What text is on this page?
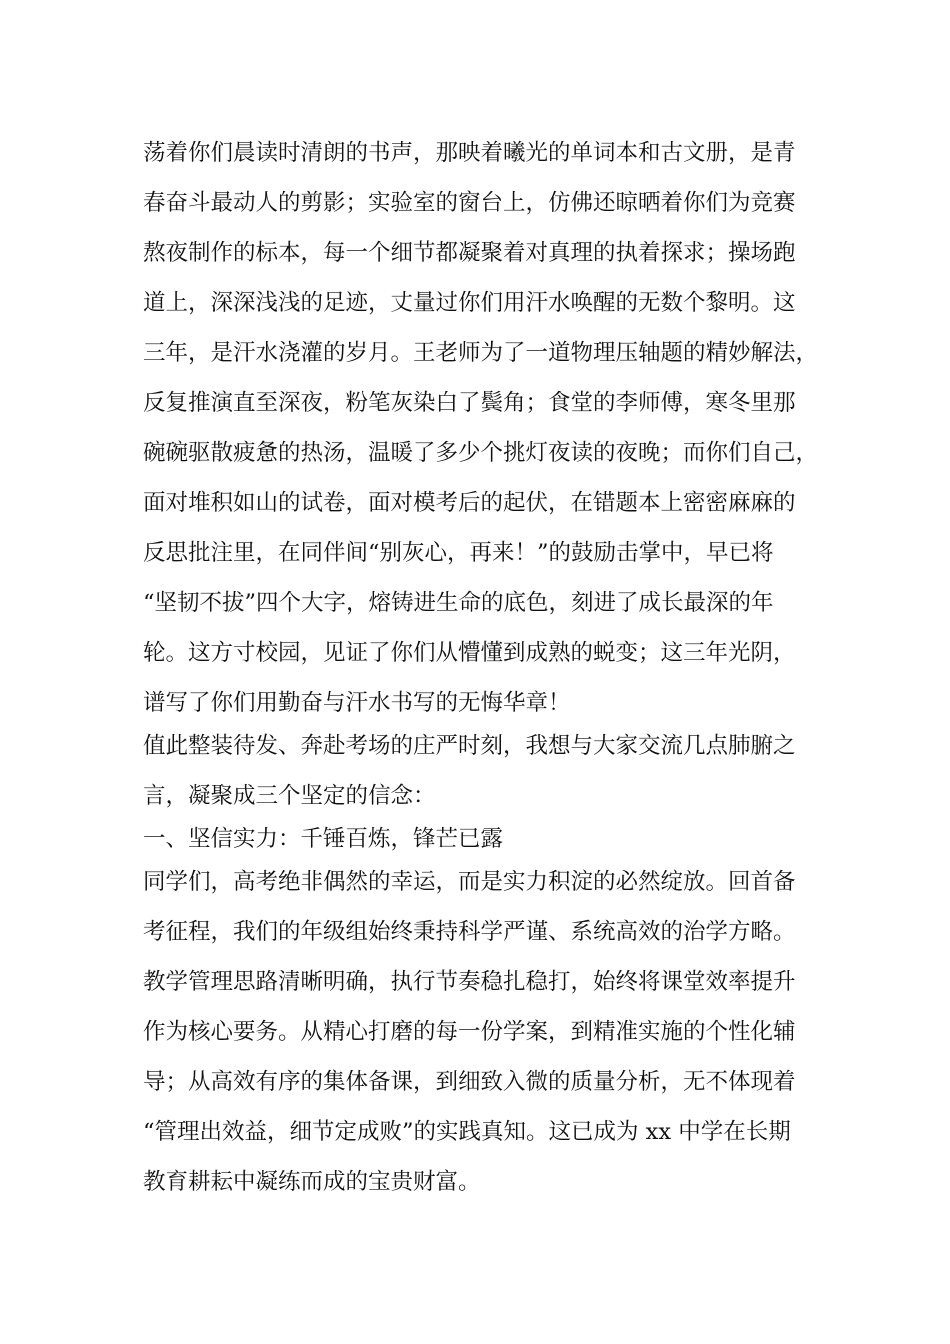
荡着你们晨读时清朗的书声，那映着曦光的单词本和古文册，是青
春奋斗最动人的剪影；实验室的窗台上，仿佛还晾晒着你们为竞赛
熬夜制作的标本，每一个细节都凝聚着对真理的执着探求；操场跑
道上，深深浅浅的足迹，丈量过你们用汗水唤醒的无数个黎明。这
三年，是汗水浇灌的岁月。王老师为了一道物理压轴题的精妙解法，
反复推演直至深夜，粉笔灰染白了鬓角；食堂的李师傅，寒冬里那
碗碗驱散疲惫的热汤，温暖了多少个挑灯夜读的夜晚；而你们自己，
面对堆积如山的试卷，面对模考后的起伏，在错题本上密密麻麻的
反思批注里，在同伴间“别灰心，再来！”的鼓励击掌中，早已将
“坚韧不拔”四个大字，熔铸进生命的底色，刻进了成长最深的年
轮。这方寸校园，见证了你们从懵懂到成熟的蜕变；这三年光阴，
谱写了你们用勤奋与汗水书写的无悔华章！
值此整装待发、奔赴考场的庄严时刻，我想与大家交流几点肺腑之
言，凝聚成三个坚定的信念：
一、坚信实力：千锤百炼，锋芒已露
同学们，高考绝非偶然的幸运，而是实力积淀的必然绽放。回首备
考征程，我们的年级组始终秉持科学严谨、系统高效的治学方略。
教学管理思路清晰明确，执行节奏稳扎稳打，始终将课堂效率提升
作为核心要务。从精心打磨的每一份学案，到精准实施的个性化辅
导；从高效有序的集体备课，到细致入微的质量分析，无不体现着
“管理出效益，细节定成败”的实践真知。这已成为 xx 中学在长期
教育耕耘中凝练而成的宝贵财富。
